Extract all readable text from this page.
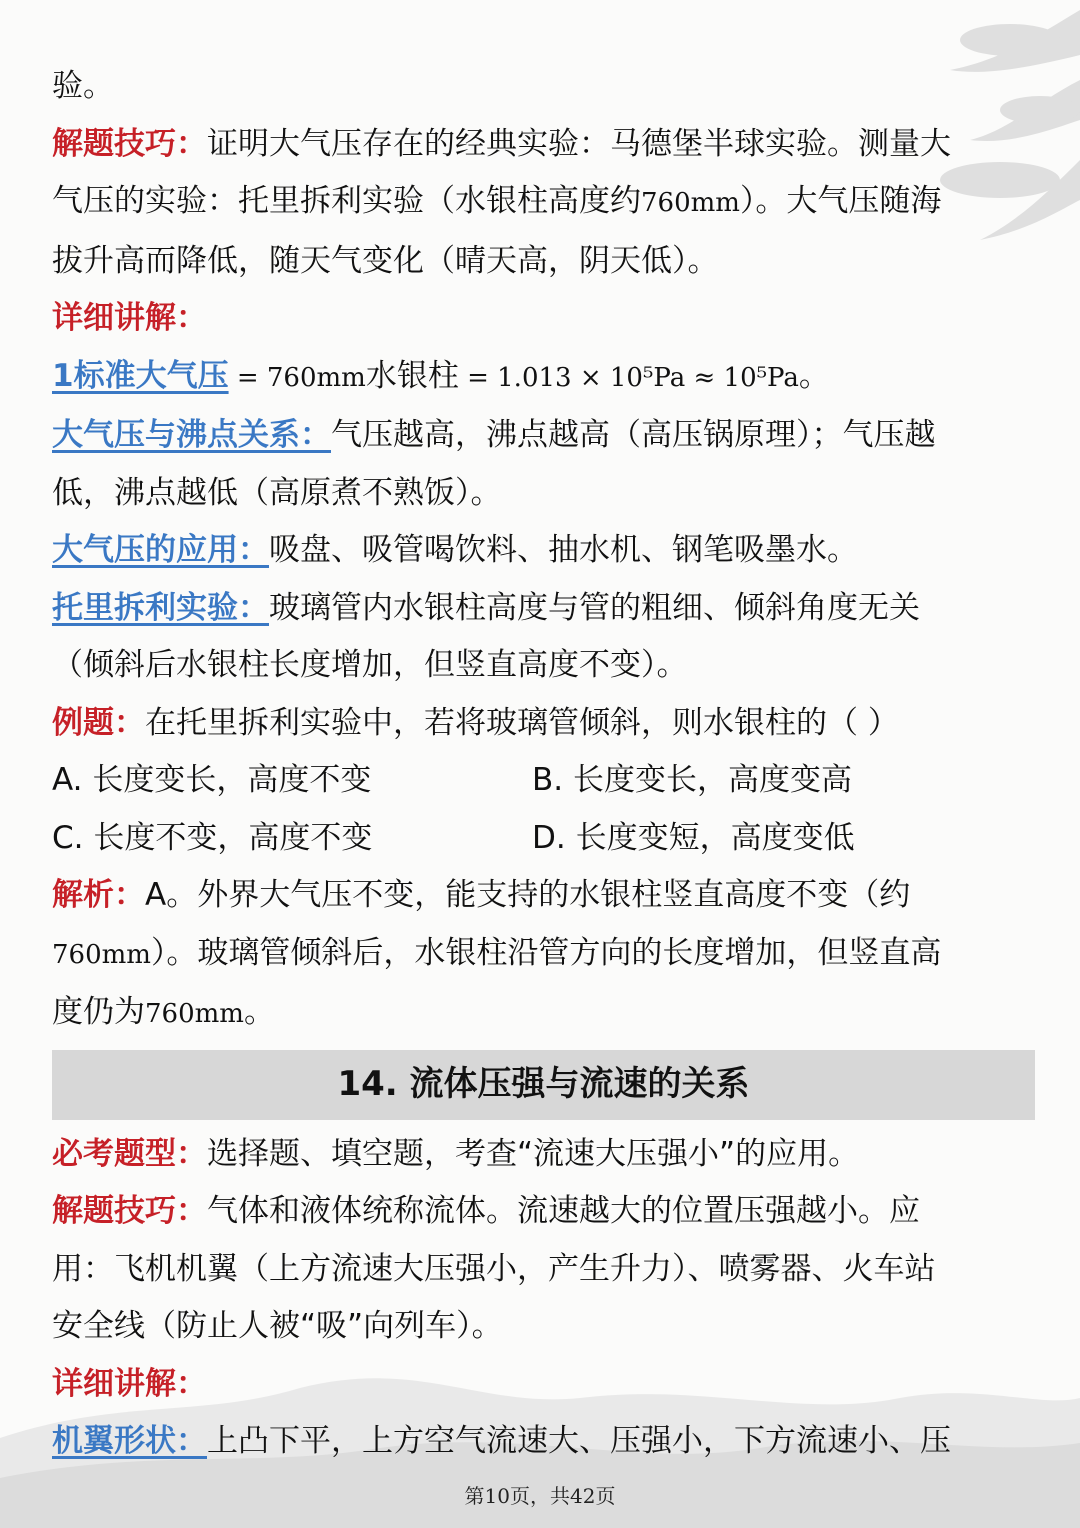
验。
解题技巧：证明大气压存在的经典实验：马德堡半球实验。测量大
气压的实验：托里拆利实验（水银柱高度约760mm）。大气压随海
拔升高而降低，随天气变化（晴天高，阴天低）。
详细讲解：
1标准大气压 = 760mm水银柱 = 1.013 × 10⁵Pa ≈ 10⁵Pa。
大气压与沸点关系：气压越高，沸点越高（高压锅原理）；气压越
低，沸点越低（高原煮不熟饭）。
大气压的应用：吸盘、吸管喝饮料、抽水机、钢笔吸墨水。
托里拆利实验：玻璃管内水银柱高度与管的粗细、倾斜角度无关
（倾斜后水银柱长度增加，但竖直高度不变）。
例题：在托里拆利实验中，若将玻璃管倾斜，则水银柱的（ ）
A. 长度变长，高度不变	B. 长度变长，高度变高
C. 长度不变，高度不变	D. 长度变短，高度变低
解析：A。外界大气压不变，能支持的水银柱竖直高度不变（约
760mm）。玻璃管倾斜后，水银柱沿管方向的长度增加，但竖直高
度仍为760mm。
14. 流体压强与流速的关系
必考题型：选择题、填空题，考查“流速大压强小”的应用。
解题技巧：气体和液体统称流体。流速越大的位置压强越小。应
用：飞机机翼（上方流速大压强小，产生升力）、喷雾器、火车站
安全线（防止人被“吸”向列车）。
详细讲解：
机翼形状：上凸下平，上方空气流速大、压强小，下方流速小、压
第10页，共42页
